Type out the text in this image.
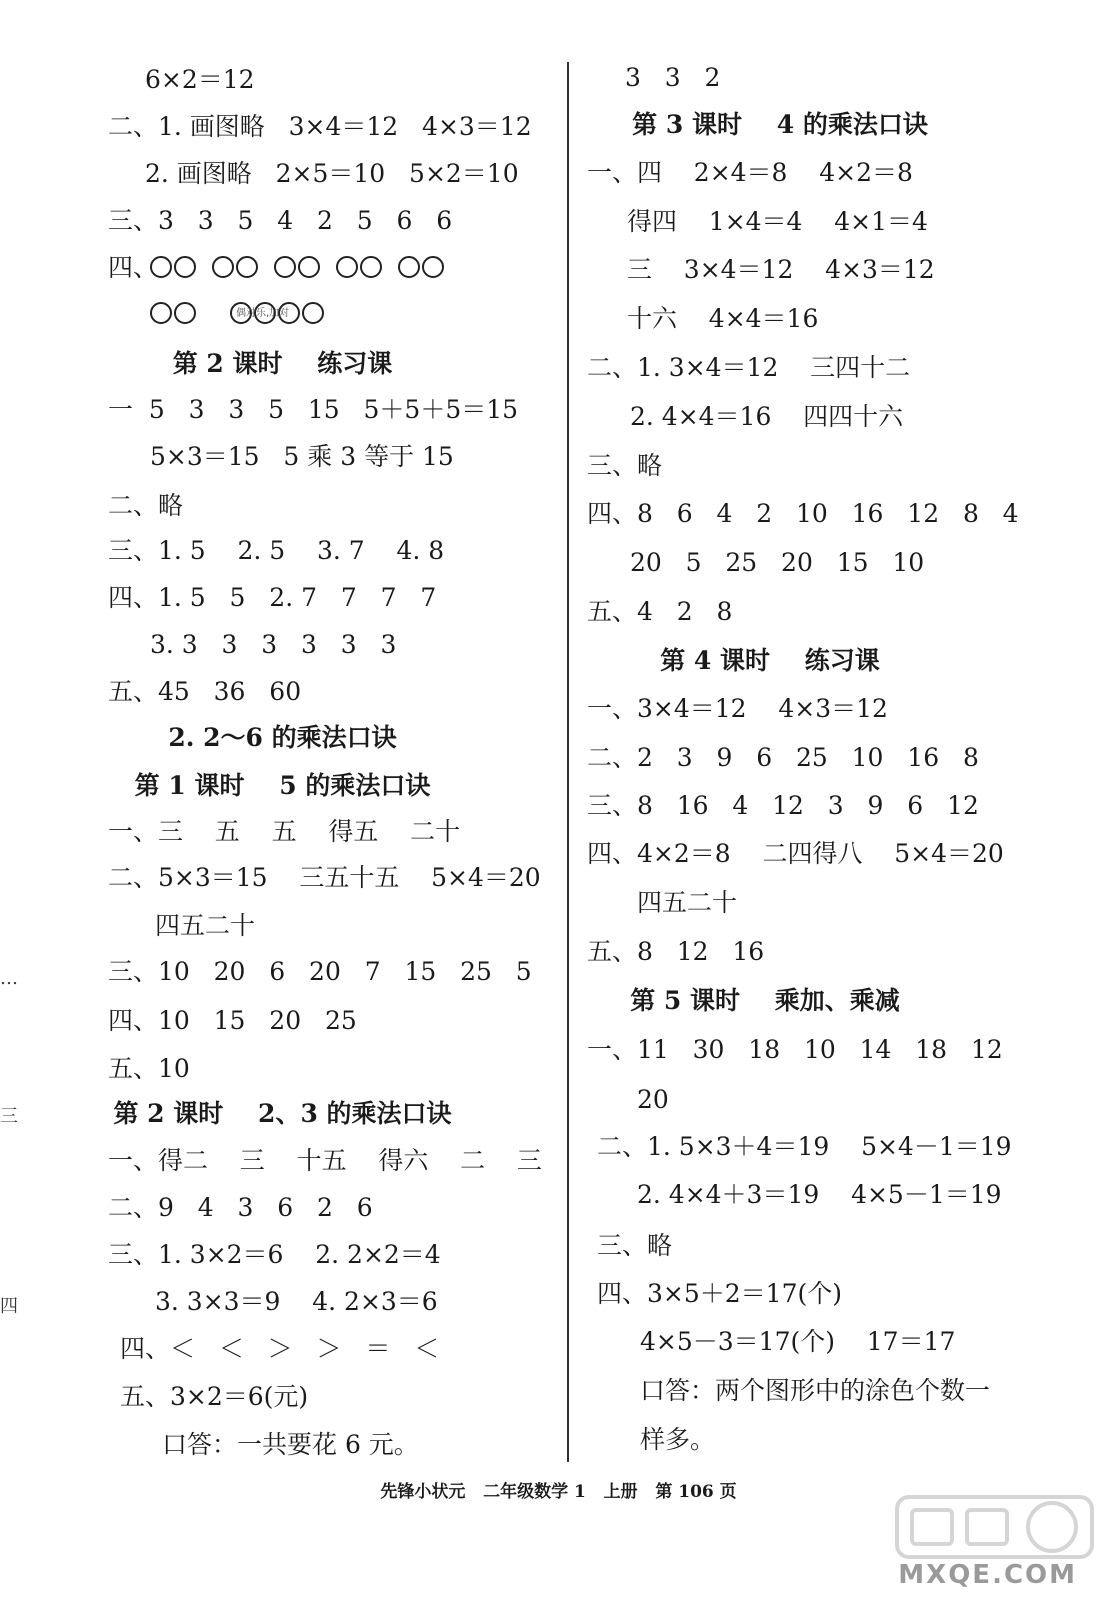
6×2＝12
二、1. 画图略   3×4＝12   4×3＝12
2. 画图略   2×5＝10   5×2＝10
三、3   3   5   4   2   5   6   6
四、
偶对乐,加对
第 2 课时    练习课
一  5   3   3   5   15   5＋5＋5＝15
5×3＝15   5 乘 3 等于 15
二、略
三、1. 5    2. 5    3. 7    4. 8
四、1. 5   5   2. 7   7   7   7
3. 3   3   3   3   3   3
五、45   36   60
2. 2～6 的乘法口诀
第 1 课时    5 的乘法口诀
一、三    五    五    得五    二十
二、5×3＝15    三五十五    5×4＝20
四五二十
三、10   20   6   20   7   15   25   5
四、10   15   20   25
五、10
第 2 课时    2、3 的乘法口诀
一、得二    三    十五    得六    二    三
二、9   4   3   6   2   6
三、1. 3×2＝6    2. 2×2＝4
3. 3×3＝9    4. 2×3＝6
四、＜   ＜   ＞   ＞   ＝   ＜
五、3×2＝6(元)
口答：一共要花 6 元。
3   3   2
第 3 课时    4 的乘法口诀
一、四    2×4＝8    4×2＝8
得四    1×4＝4    4×1＝4
三    3×4＝12    4×3＝12
十六    4×4＝16
二、1. 3×4＝12    三四十二
2. 4×4＝16    四四十六
三、略
四、8   6   4   2   10   16   12   8   4
20   5   25   20   15   10
五、4   2   8
第 4 课时    练习课
一、3×4＝12    4×3＝12
二、2   3   9   6   25   10   16   8
三、8   16   4   12   3   9   6   12
四、4×2＝8    二四得八    5×4＝20
四五二十
五、8   12   16
第 5 课时    乘加、乘减
一、11   30   18   10   14   18   12
20
二、1. 5×3＋4＝19    5×4－1＝19
2. 4×4＋3＝19    4×5－1＝19
三、略
四、3×5＋2＝17(个)
4×5－3＝17(个)    17＝17
口答：两个图形中的涂色个数一
样多。
…
三
四
先锋小状元   二年级数学 1   上册   第 106 页
MXQE.COM
